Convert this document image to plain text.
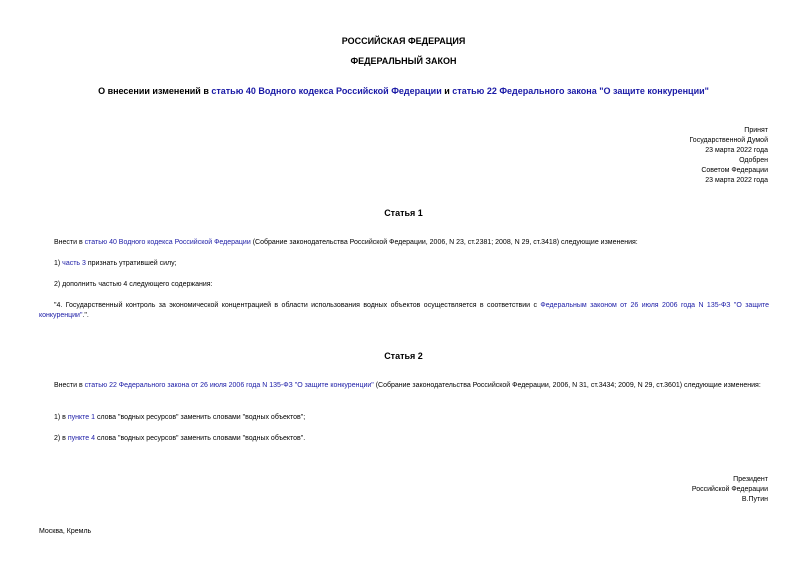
РОССИЙСКАЯ ФЕДЕРАЦИЯ
ФЕДЕРАЛЬНЫЙ ЗАКОН
О внесении изменений в статью 40 Водного кодекса Российской Федерации и статью 22 Федерального закона "О защите конкуренции"
Принят
Государственной Думой
23 марта 2022 года
Одобрен
Советом Федерации
23 марта 2022 года
Статья 1
Внести в статью 40 Водного кодекса Российской Федерации (Собрание законодательства Российской Федерации, 2006, N 23, ст.2381; 2008, N 29, ст.3418) следующие изменения:
1) часть 3 признать утратившей силу;
2) дополнить частью 4 следующего содержания:
"4. Государственный контроль за экономической концентрацией в области использования водных объектов осуществляется в соответствии с Федеральным законом от 26 июля 2006 года N 135-ФЗ "О защите конкуренции".".
Статья 2
Внести в статью 22 Федерального закона от 26 июля 2006 года N 135-ФЗ "О защите конкуренции" (Собрание законодательства Российской Федерации, 2006, N 31, ст.3434; 2009, N 29, ст.3601) следующие изменения:
1) в пункте 1 слова "водных ресурсов" заменить словами "водных объектов";
2) в пункте 4 слова "водных ресурсов" заменить словами "водных объектов".
Президент
Российской Федерации
В.Путин
Москва, Кремль
